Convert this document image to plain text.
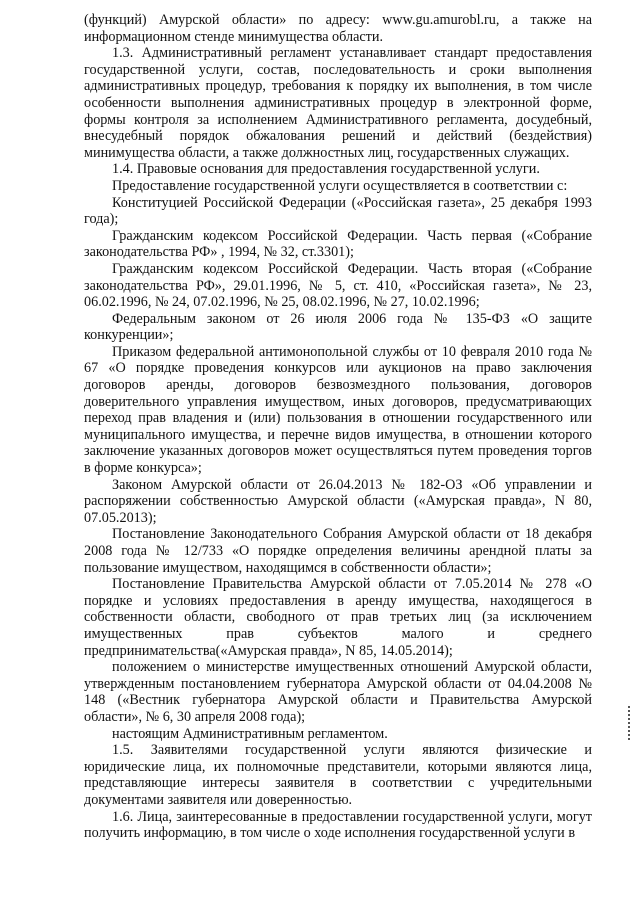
(функций) Амурской области» по адресу: www.gu.amurobl.ru, а также на информационном стенде минимущества области.

1.3. Административный регламент устанавливает стандарт предоставления государственной услуги, состав, последовательность и сроки выполнения административных процедур, требования к порядку их выполнения, в том числе особенности выполнения административных процедур в электронной форме, формы контроля за исполнением Административного регламента, досудебный, внесудебный порядок обжалования решений и действий (бездействия) минимущества области, а также должностных лиц, государственных служащих.

1.4. Правовые основания для предоставления государственной услуги.

Предоставление государственной услуги осуществляется в соответствии с:

Конституцией Российской Федерации («Российская газета», 25 декабря 1993 года);

Гражданским кодексом Российской Федерации. Часть первая («Собрание законодательства РФ» , 1994, № 32, ст.3301);

Гражданским кодексом Российской Федерации. Часть вторая («Собрание законодательства РФ», 29.01.1996, № 5, ст. 410, «Российская газета», № 23, 06.02.1996, № 24, 07.02.1996, № 25, 08.02.1996, № 27, 10.02.1996;

Федеральным законом от 26 июля 2006 года № 135-ФЗ «О защите конкуренции»;

Приказом федеральной антимонопольной службы от 10 февраля 2010 года № 67 «О порядке проведения конкурсов или аукционов на право заключения договоров аренды, договоров безвозмездного пользования, договоров доверительного управления имуществом, иных договоров, предусматривающих переход прав владения и (или) пользования в отношении государственного или муниципального имущества, и перечне видов имущества, в отношении которого заключение указанных договоров может осуществляться путем проведения торгов в форме конкурса»;

Законом Амурской области от 26.04.2013 № 182-ОЗ «Об управлении и распоряжении собственностью Амурской области («Амурская правда», N 80, 07.05.2013);

Постановление Законодательного Собрания Амурской области от 18 декабря 2008 года № 12/733 «О порядке определения величины арендной платы за пользование имуществом, находящимся в собственности области»;

Постановление Правительства Амурской области от 7.05.2014 № 278 «О порядке и условиях предоставления в аренду имущества, находящегося в собственности области, свободного от прав третьих лиц (за исключением имущественных прав субъектов малого и среднего предпринимательства(«Амурская правда», N 85, 14.05.2014);

положением о министерстве имущественных отношений Амурской области, утвержденным постановлением губернатора Амурской области от 04.04.2008 № 148 («Вестник губернатора Амурской области и Правительства Амурской области», № 6, 30 апреля 2008 года);

настоящим Административным регламентом.

1.5. Заявителями государственной услуги являются физические и юридические лица, их полномочные представители, которыми являются лица, представляющие интересы заявителя в соответствии с учредительными документами заявителя или доверенностью.

1.6. Лица, заинтересованные в предоставлении государственной услуги, могут получить информацию, в том числе о ходе исполнения государственной услуги в
